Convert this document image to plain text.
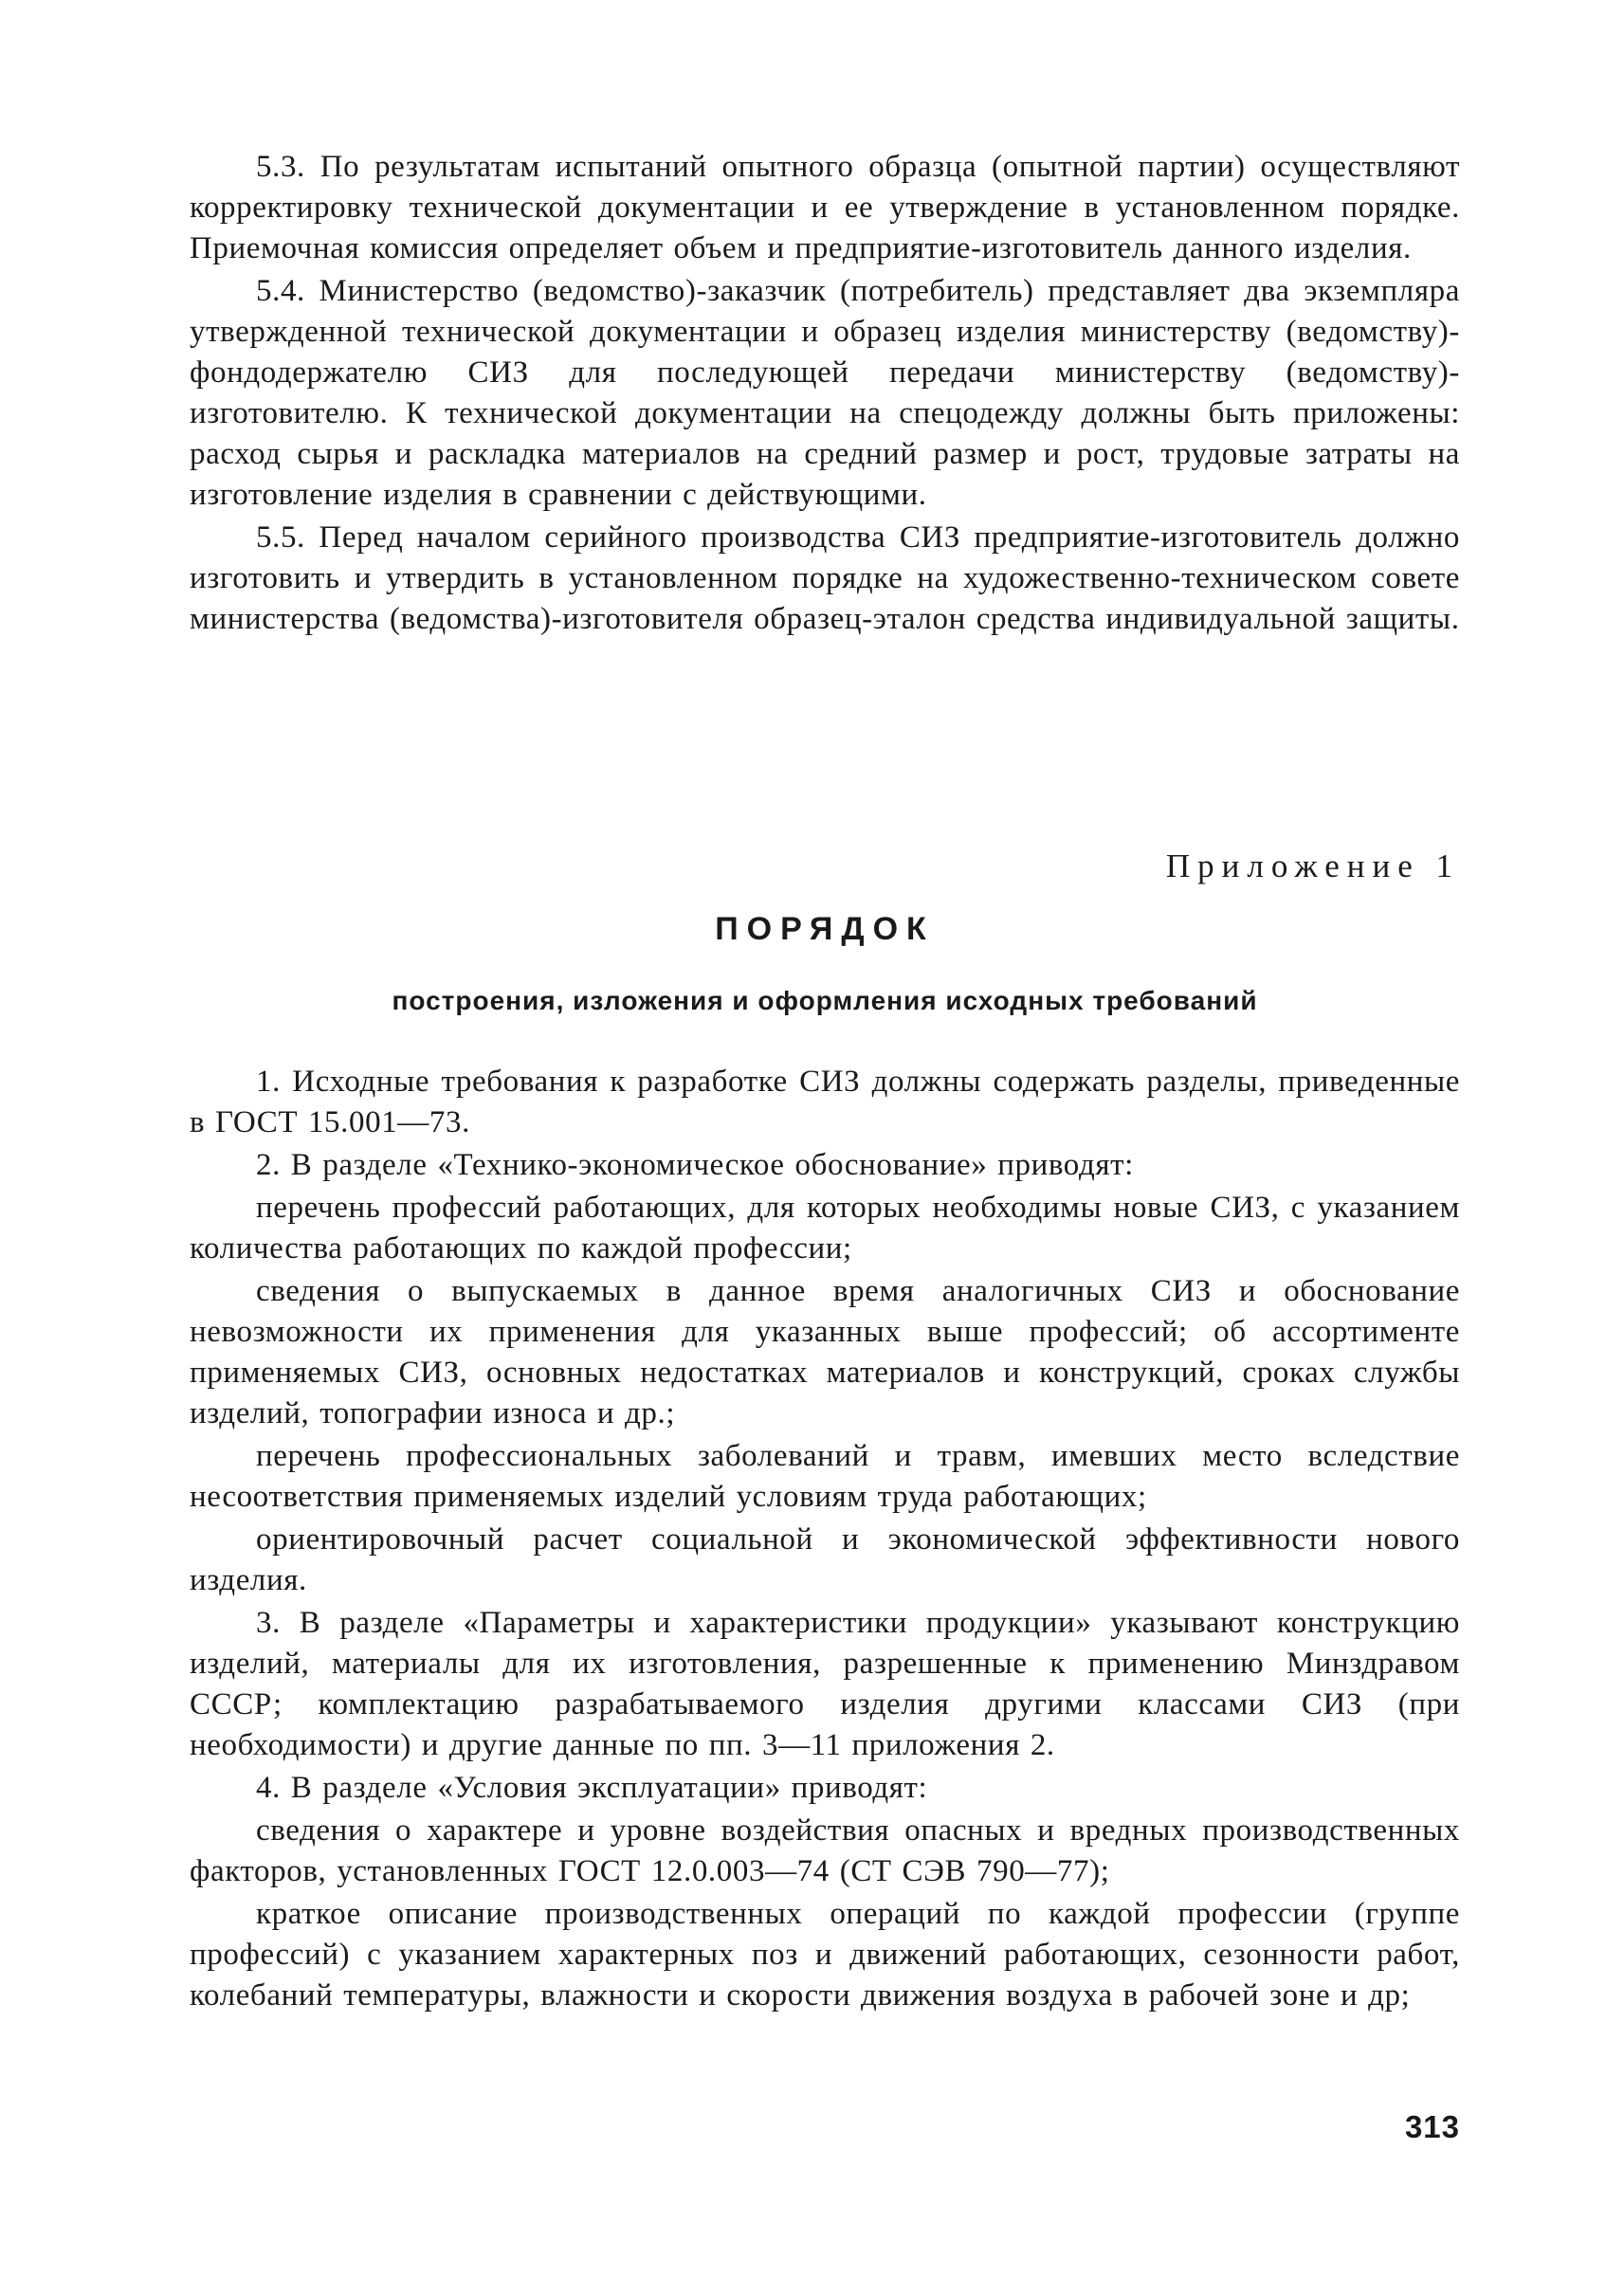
5.3. По результатам испытаний опытного образца (опытной партии) осуществляют корректировку технической документации и ее утверждение в установленном порядке. Приемочная комиссия определяет объем и предприятие-изготовитель данного изделия.

5.4. Министерство (ведомство)-заказчик (потребитель) представляет два экземпляра утвержденной технической документации и образец изделия министерству (ведомству)-фондодержателю СИЗ для последующей передачи министерству (ведомству)-изготовителю. К технической документации на спецодежду должны быть приложены: расход сырья и раскладка материалов на средний размер и рост, трудовые затраты на изготовление изделия в сравнении с действующими.

5.5. Перед началом серийного производства СИЗ предприятие-изготовитель должно изготовить и утвердить в установленном порядке на художественно-техническом совете министерства (ведомства)-изготовителя образец-эталон средства индивидуальной защиты.

Приложение 1

ПОРЯДОК

построения, изложения и оформления исходных требований

1. Исходные требования к разработке СИЗ должны содержать разделы, приведенные в ГОСТ 15.001—73.

2. В разделе «Технико-экономическое обоснование» приводят:

перечень профессий работающих, для которых необходимы новые СИЗ, с указанием количества работающих по каждой профессии;

сведения о выпускаемых в данное время аналогичных СИЗ и обоснование невозможности их применения для указанных выше профессий; об ассортименте применяемых СИЗ, основных недостатках материалов и конструкций, сроках службы изделий, топографии износа и др.;

перечень профессиональных заболеваний и травм, имевших место вследствие несоответствия применяемых изделий условиям труда работающих;

ориентировочный расчет социальной и экономической эффективности нового изделия.

3. В разделе «Параметры и характеристики продукции» указывают конструкцию изделий, материалы для их изготовления, разрешенные к применению Минздравом СССР; комплектацию разрабатываемого изделия другими классами СИЗ (при необходимости) и другие данные по пп. 3—11 приложения 2.

4. В разделе «Условия эксплуатации» приводят:

сведения о характере и уровне воздействия опасных и вредных производственных факторов, установленных ГОСТ 12.0.003—74 (СТ СЭВ 790—77);

краткое описание производственных операций по каждой профессии (группе профессий) с указанием характерных поз и движений работающих, сезонности работ, колебаний температуры, влажности и скорости движения воздуха в рабочей зоне и др;

313
